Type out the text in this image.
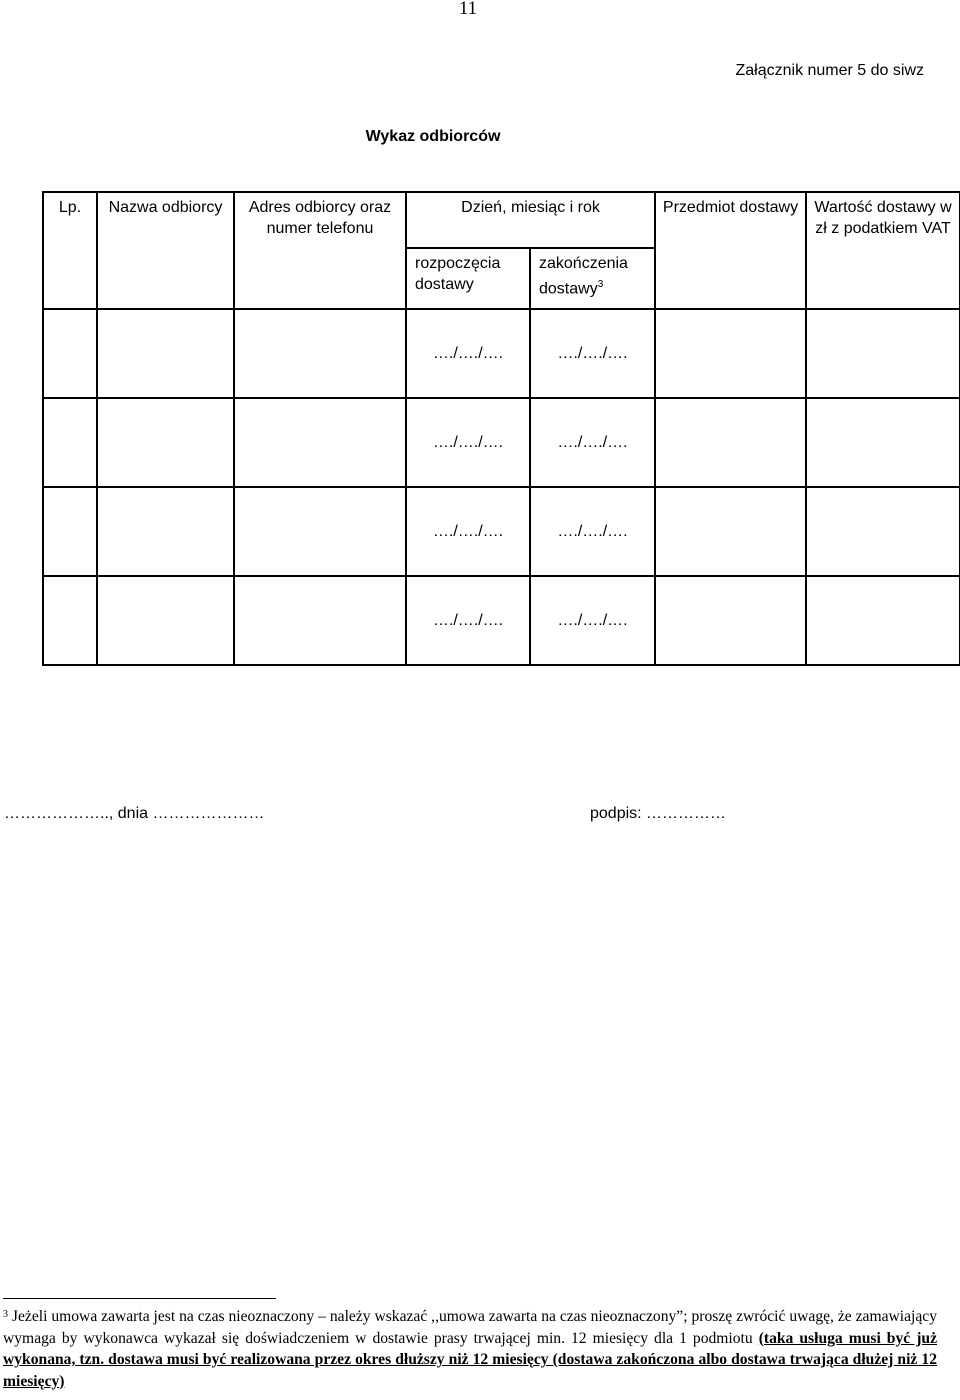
11
Załącznik numer 5 do siwz
Wykaz odbiorców
Lp.	Nazwa odbiorcy	Adres odbiorcy oraz numer telefonu	Dzień, miesiąc i rok		Przedmiot dostawy	Wartość dostawy w zł z podatkiem VAT
			rozpoczęcia dostawy	zakończenia dostawy$^3$
			…./…./….	…./…./….		
			…./…./….	…./…./….		
			…./…./….	…./…./….		
			…./…./….	…./…./….		
……………….., dnia …………………	podpis: ……………
$^3$ Jeżeli umowa zawarta jest na czas nieoznaczony – należy wskazać ,,umowa zawarta na czas nieoznaczony”; proszę zwrócić uwagę, że zamawiający wymaga by wykonawca wykazał się doświadczeniem w dostawie prasy trwającej min. 12 miesięcy dla 1 podmiotu (taka usługa musi być już wykonana, tzn. dostawa musi być realizowana przez okres dłuższy niż 12 miesięcy (dostawa zakończona albo dostawa trwająca dłużej niż 12 miesięcy)
